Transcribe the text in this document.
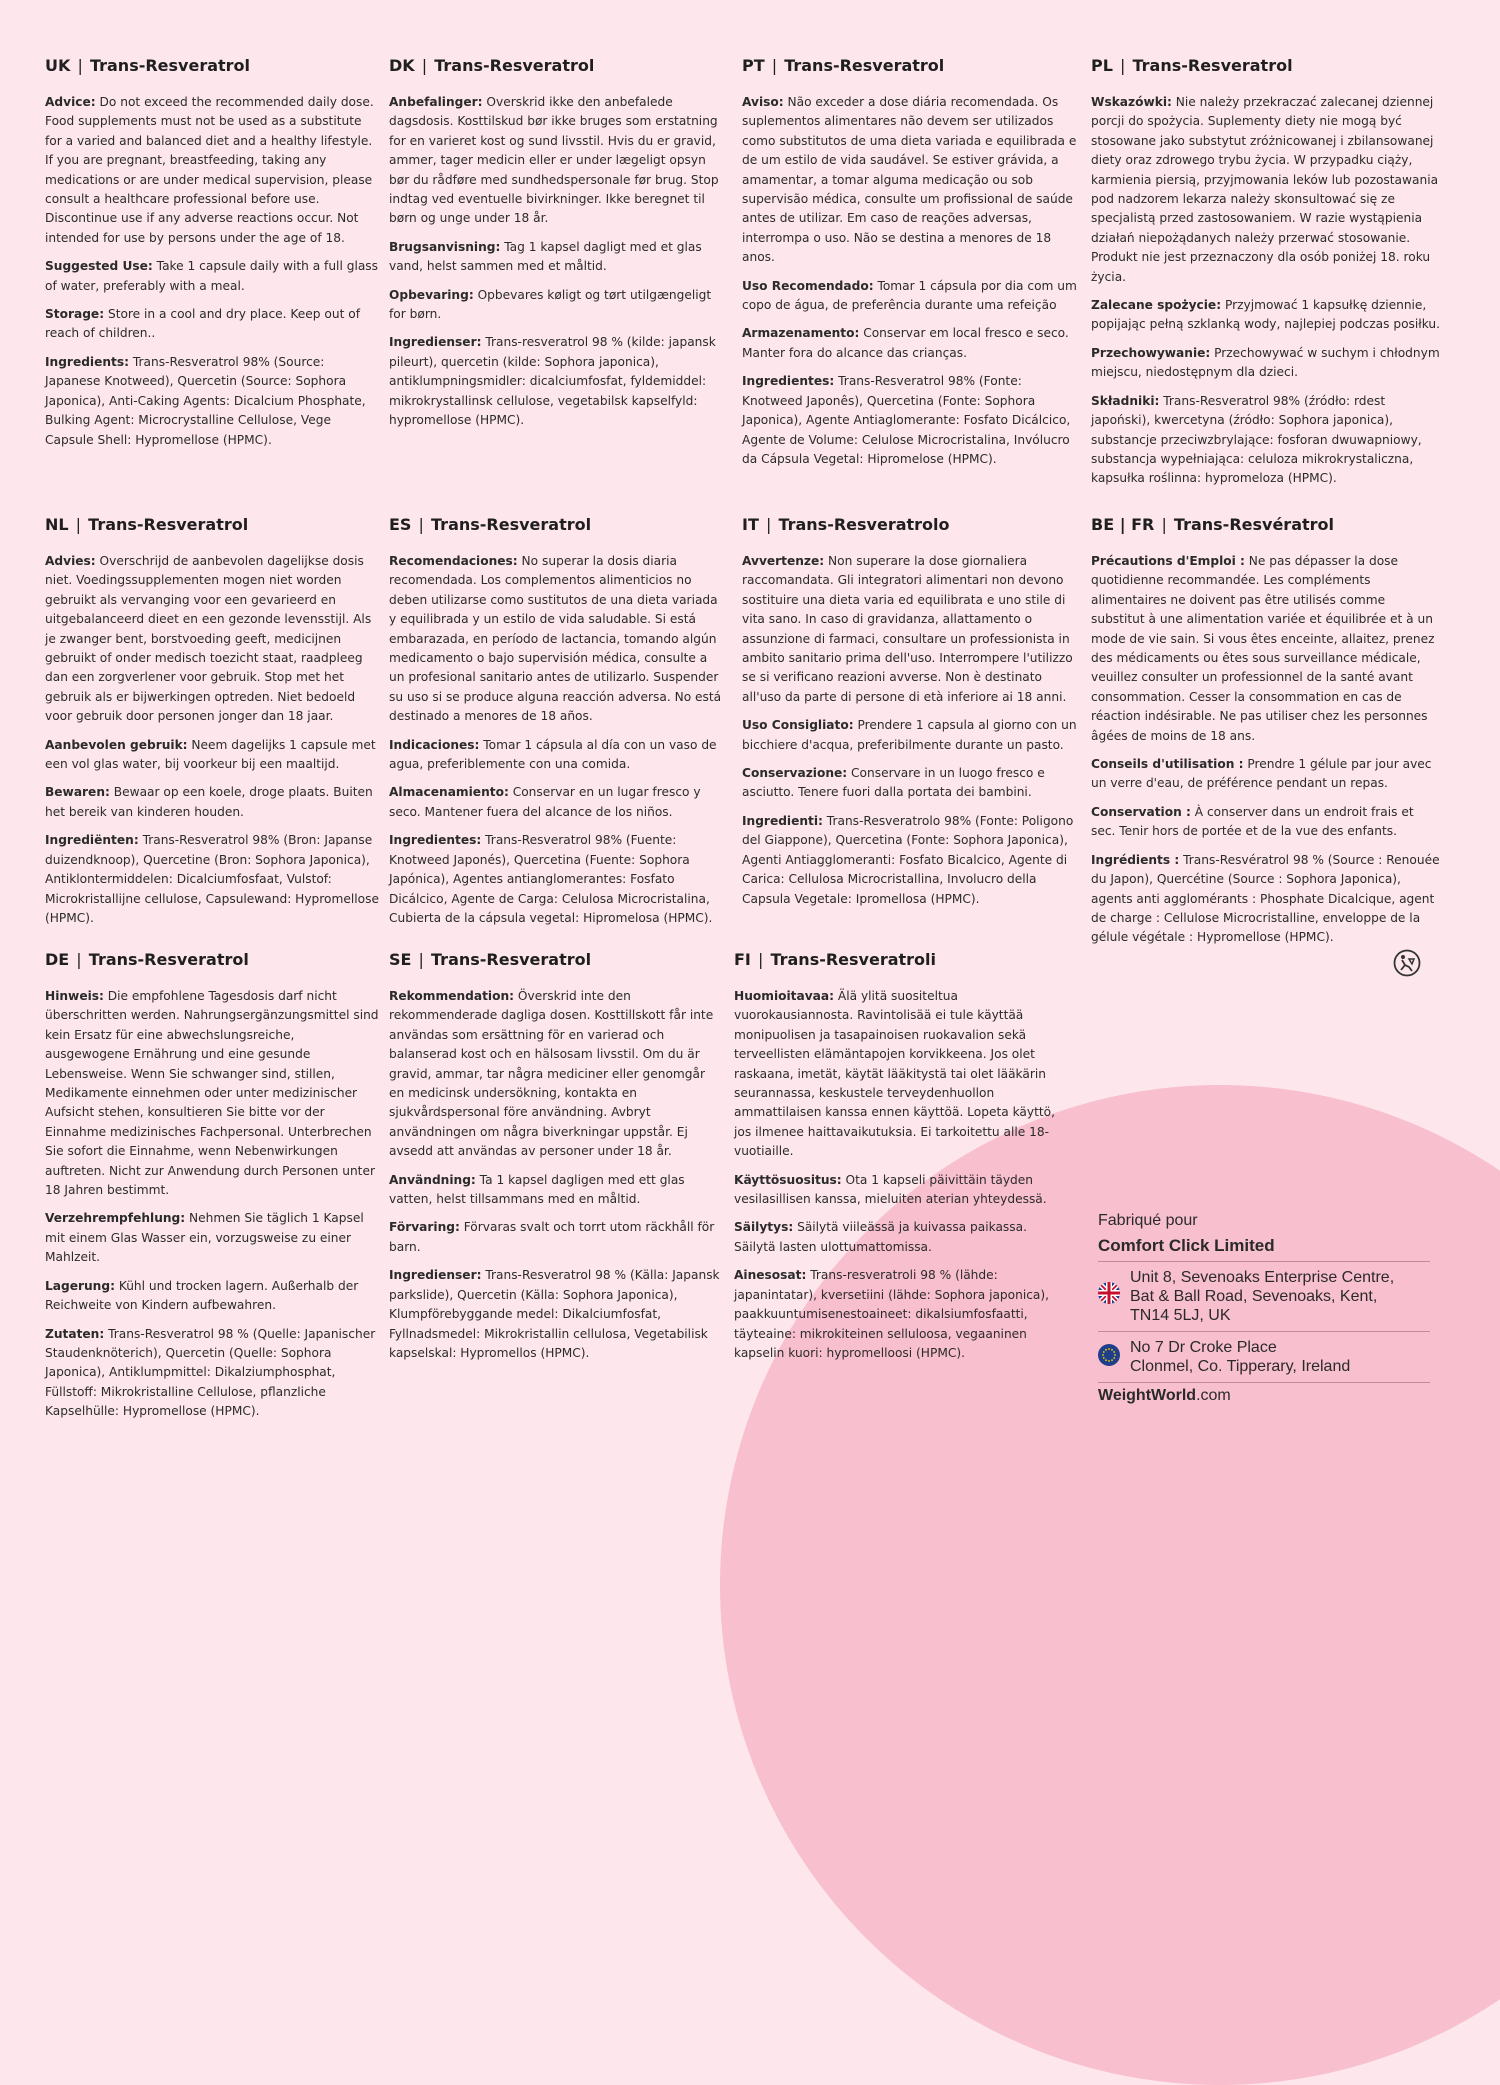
UK | Trans-Resveratrol

Advice: Do not exceed the recommended daily dose. Food supplements must not be used as a substitute for a varied and balanced diet and a healthy lifestyle. If you are pregnant, breastfeeding, taking any medications or are under medical supervision, please consult a healthcare professional before use. Discontinue use if any adverse reactions occur. Not intended for use by persons under the age of 18.

Suggested Use: Take 1 capsule daily with a full glass of water, preferably with a meal.

Storage: Store in a cool and dry place. Keep out of reach of children..

Ingredients: Trans-Resveratrol 98% (Source: Japanese Knotweed), Quercetin (Source: Sophora Japonica), Anti-Caking Agents: Dicalcium Phosphate, Bulking Agent: Microcrystalline Cellulose, Vege Capsule Shell: Hypromellose (HPMC).

DK | Trans-Resveratrol

Anbefalinger: Overskrid ikke den anbefalede dagsdosis. Kosttilskud bør ikke bruges som erstatning for en varieret kost og sund livsstil. Hvis du er gravid, ammer, tager medicin eller er under lægeligt opsyn bør du rådføre med sundhedspersonale før brug. Stop indtag ved eventuelle bivirkninger. Ikke beregnet til børn og unge under 18 år.

Brugsanvisning: Tag 1 kapsel dagligt med et glas vand, helst sammen med et måltid.

Opbevaring: Opbevares køligt og tørt utilgængeligt for børn.

Ingredienser: Trans-resveratrol 98 % (kilde: japansk pileurt), quercetin (kilde: Sophora japonica), antiklumpningsmidler: dicalciumfosfat, fyldemiddel: mikrokrystallinsk cellulose, vegetabilsk kapselfyld: hypromellose (HPMC).

PT | Trans-Resveratrol

Aviso: Não exceder a dose diária recomendada. Os suplementos alimentares não devem ser utilizados como substitutos de uma dieta variada e equilibrada e de um estilo de vida saudável. Se estiver grávida, a amamentar, a tomar alguma medicação ou sob supervisão médica, consulte um profissional de saúde antes de utilizar. Em caso de reações adversas, interrompa o uso. Não se destina a menores de 18 anos.

Uso Recomendado: Tomar 1 cápsula por dia com um copo de água, de preferência durante uma refeição

Armazenamento: Conservar em local fresco e seco. Manter fora do alcance das crianças.

Ingredientes: Trans-Resveratrol 98% (Fonte: Knotweed Japonês), Quercetina (Fonte: Sophora Japonica), Agente Antiaglomerante: Fosfato Dicálcico, Agente de Volume: Celulose Microcristalina, Invólucro da Cápsula Vegetal: Hipromelose (HPMC).

PL | Trans-Resveratrol

Wskazówki: Nie należy przekraczać zalecanej dziennej porcji do spożycia. Suplementy diety nie mogą być stosowane jako substytut zróżnicowanej i zbilansowanej diety oraz zdrowego trybu życia. W przypadku ciąży, karmienia piersią, przyjmowania leków lub pozostawania pod nadzorem lekarza należy skonsultować się ze specjalistą przed zastosowaniem. W razie wystąpienia działań niepożądanych należy przerwać stosowanie. Produkt nie jest przeznaczony dla osób poniżej 18. roku życia.

Zalecane spożycie: Przyjmować 1 kapsułkę dziennie, popijając pełną szklanką wody, najlepiej podczas posiłku.

Przechowywanie: Przechowywać w suchym i chłodnym miejscu, niedostępnym dla dzieci.

Składniki: Trans-Resveratrol 98% (źródło: rdest japoński), kwercetyna (źródło: Sophora japonica), substancje przeciwzbrylające: fosforan dwuwapniowy, substancja wypełniająca: celuloza mikrokrystaliczna, kapsułka roślinna: hypromeloza (HPMC).

NL | Trans-Resveratrol

Advies: Overschrijd de aanbevolen dagelijkse dosis niet. Voedingssupplementen mogen niet worden gebruikt als vervanging voor een gevarieerd en uitgebalanceerd dieet en een gezonde levensstijl. Als je zwanger bent, borstvoeding geeft, medicijnen gebruikt of onder medisch toezicht staat, raadpleeg dan een zorgverlener voor gebruik. Stop met het gebruik als er bijwerkingen optreden. Niet bedoeld voor gebruik door personen jonger dan 18 jaar.

Aanbevolen gebruik: Neem dagelijks 1 capsule met een vol glas water, bij voorkeur bij een maaltijd.

Bewaren: Bewaar op een koele, droge plaats. Buiten het bereik van kinderen houden.

Ingrediënten: Trans-Resveratrol 98% (Bron: Japanse duizendknoop), Quercetine (Bron: Sophora Japonica), Antiklontermiddelen: Dicalciumfosfaat, Vulstof: Microkristallijne cellulose, Capsulewand: Hypromellose (HPMC).

ES | Trans-Resveratrol

Recomendaciones: No superar la dosis diaria recomendada. Los complementos alimenticios no deben utilizarse como sustitutos de una dieta variada y equilibrada y un estilo de vida saludable. Si está embarazada, en período de lactancia, tomando algún medicamento o bajo supervisión médica, consulte a un profesional sanitario antes de utilizarlo. Suspender su uso si se produce alguna reacción adversa. No está destinado a menores de 18 años.

Indicaciones: Tomar 1 cápsula al día con un vaso de agua, preferiblemente con una comida.

Almacenamiento: Conservar en un lugar fresco y seco. Mantener fuera del alcance de los niños.

Ingredientes: Trans-Resveratrol 98% (Fuente: Knotweed Japonés), Quercetina (Fuente: Sophora Japónica), Agentes antianglomerantes: Fosfato Dicálcico, Agente de Carga: Celulosa Microcristalina, Cubierta de la cápsula vegetal: Hipromelosa (HPMC).

IT | Trans-Resveratrolo

Avvertenze: Non superare la dose giornaliera raccomandata. Gli integratori alimentari non devono sostituire una dieta varia ed equilibrata e uno stile di vita sano. In caso di gravidanza, allattamento o assunzione di farmaci, consultare un professionista in ambito sanitario prima dell'uso. Interrompere l'utilizzo se si verificano reazioni avverse. Non è destinato all'uso da parte di persone di età inferiore ai 18 anni.

Uso Consigliato: Prendere 1 capsula al giorno con un bicchiere d'acqua, preferibilmente durante un pasto.

Conservazione: Conservare in un luogo fresco e asciutto. Tenere fuori dalla portata dei bambini.

Ingredienti: Trans-Resveratrolo 98% (Fonte: Poligono del Giappone), Quercetina (Fonte: Sophora Japonica), Agenti Antiagglomeranti: Fosfato Bicalcico, Agente di Carica: Cellulosa Microcristallina, Involucro della Capsula Vegetale: Ipromellosa (HPMC).

BE | FR | Trans-Resvératrol

Précautions d'Emploi : Ne pas dépasser la dose quotidienne recommandée. Les compléments alimentaires ne doivent pas être utilisés comme substitut à une alimentation variée et équilibrée et à un mode de vie sain. Si vous êtes enceinte, allaitez, prenez des médicaments ou êtes sous surveillance médicale, veuillez consulter un professionnel de la santé avant consommation. Cesser la consommation en cas de réaction indésirable. Ne pas utiliser chez les personnes âgées de moins de 18 ans.

Conseils d'utilisation : Prendre 1 gélule par jour avec un verre d'eau, de préférence pendant un repas.

Conservation : À conserver dans un endroit frais et sec. Tenir hors de portée et de la vue des enfants.

Ingrédients : Trans-Resvératrol 98 % (Source : Renouée du Japon), Quercétine (Source : Sophora Japonica), agents anti agglomérants : Phosphate Dicalcique, agent de charge : Cellulose Microcristalline, enveloppe de la gélule végétale : Hypromellose (HPMC).

DE | Trans-Resveratrol

Hinweis: Die empfohlene Tagesdosis darf nicht überschritten werden. Nahrungsergänzungsmittel sind kein Ersatz für eine abwechslungsreiche, ausgewogene Ernährung und eine gesunde Lebensweise. Wenn Sie schwanger sind, stillen, Medikamente einnehmen oder unter medizinischer Aufsicht stehen, konsultieren Sie bitte vor der Einnahme medizinisches Fachpersonal. Unterbrechen Sie sofort die Einnahme, wenn Nebenwirkungen auftreten. Nicht zur Anwendung durch Personen unter 18 Jahren bestimmt.

Verzehrempfehlung: Nehmen Sie täglich 1 Kapsel mit einem Glas Wasser ein, vorzugsweise zu einer Mahlzeit.

Lagerung: Kühl und trocken lagern. Außerhalb der Reichweite von Kindern aufbewahren.

Zutaten: Trans-Resveratrol 98 % (Quelle: Japanischer Staudenknöterich), Quercetin (Quelle: Sophora Japonica), Antiklumpmittel: Dikalziumphosphat, Füllstoff: Mikrokristalline Cellulose, pflanzliche Kapselhülle: Hypromellose (HPMC).

SE | Trans-Resveratrol

Rekommendation: Överskrid inte den rekommenderade dagliga dosen. Kosttillskott får inte användas som ersättning för en varierad och balanserad kost och en hälsosam livsstil. Om du är gravid, ammar, tar några mediciner eller genomgår en medicinsk undersökning, kontakta en sjukvårdspersonal före användning. Avbryt användningen om några biverkningar uppstår. Ej avsedd att användas av personer under 18 år.

Användning: Ta 1 kapsel dagligen med ett glas vatten, helst tillsammans med en måltid.

Förvaring: Förvaras svalt och torrt utom räckhåll för barn.

Ingredienser: Trans-Resveratrol 98 % (Källa: Japansk parkslide), Quercetin (Källa: Sophora Japonica), Klumpförebyggande medel: Dikalciumfosfat, Fyllnadsmedel: Mikrokristallin cellulosa, Vegetabilisk kapselskal: Hypromellos (HPMC).

FI | Trans-Resveratroli

Huomioitavaa: Älä ylitä suositeltua vuorokausiannosta. Ravintolisää ei tule käyttää monipuolisen ja tasapainoisen ruokavalion sekä terveellisten elämäntapojen korvikkeena. Jos olet raskaana, imetät, käytät lääkitystä tai olet lääkärin seurannassa, keskustele terveydenhuollon ammattilaisen kanssa ennen käyttöä. Lopeta käyttö, jos ilmenee haittavaikutuksia. Ei tarkoitettu alle 18-vuotiaille.

Käyttösuositus: Ota 1 kapseli päivittäin täyden vesilasillisen kanssa, mieluiten aterian yhteydessä.

Säilytys: Säilytä viileässä ja kuivassa paikassa. Säilytä lasten ulottumattomissa.

Ainesosat: Trans-resveratroli 98 % (lähde: japanintatar), kversetiini (lähde: Sophora japonica), paakkuuntumisenestoaineet: dikalsiumfosfaatti, täyteaine: mikrokiteinen selluloosa, vegaaninen kapselin kuori: hypromelloosi (HPMC).

Fabriqué pour
Comfort Click Limited
Unit 8, Sevenoaks Enterprise Centre,
Bat & Ball Road, Sevenoaks, Kent,
TN14 5LJ, UK
No 7 Dr Croke Place
Clonmel, Co. Tipperary, Ireland
WeightWorld.com
